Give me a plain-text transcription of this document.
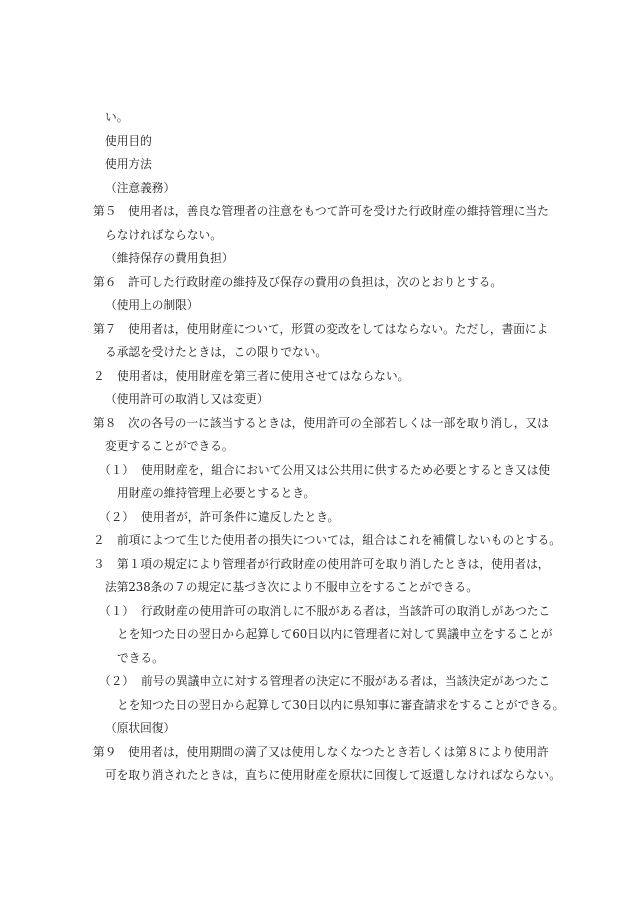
い。
使用目的
使用方法
（注意義務）
第５ 使用者は，善良な管理者の注意をもつて許可を受けた行政財産の維持管理に当た
らなければならない。
（維持保存の費用負担）
第６ 許可した行政財産の維持及び保存の費用の負担は，次のとおりとする。
（使用上の制限）
第７ 使用者は，使用財産について，形質の変改をしてはならない。ただし，書面によ
る承認を受けたときは，この限りでない。
２ 使用者は，使用財産を第三者に使用させてはならない。
（使用許可の取消し又は変更）
第８ 次の各号の一に該当するときは，使用許可の全部若しくは一部を取り消し，又は
変更することができる。
（１） 使用財産を，組合において公用又は公共用に供するため必要とするとき又は使
用財産の維持管理上必要とするとき。
（２） 使用者が，許可条件に違反したとき。
２ 前項によつて生じた使用者の損失については，組合はこれを補償しないものとする。
３ 第１項の規定により管理者が行政財産の使用許可を取り消したときは，使用者は，
法第238条の７の規定に基づき次により不服申立をすることができる。
（１） 行政財産の使用許可の取消しに不服がある者は，当該許可の取消しがあつたこ
とを知つた日の翌日から起算して60日以内に管理者に対して異議申立をすることが
できる。
（２） 前号の異議申立に対する管理者の決定に不服がある者は，当該決定があつたこ
とを知つた日の翌日から起算して30日以内に県知事に審査請求をすることができる。
（原状回復）
第９ 使用者は，使用期間の満了又は使用しなくなつたとき若しくは第８により使用許
可を取り消されたときは，直ちに使用財産を原状に回復して返還しなければならない。
